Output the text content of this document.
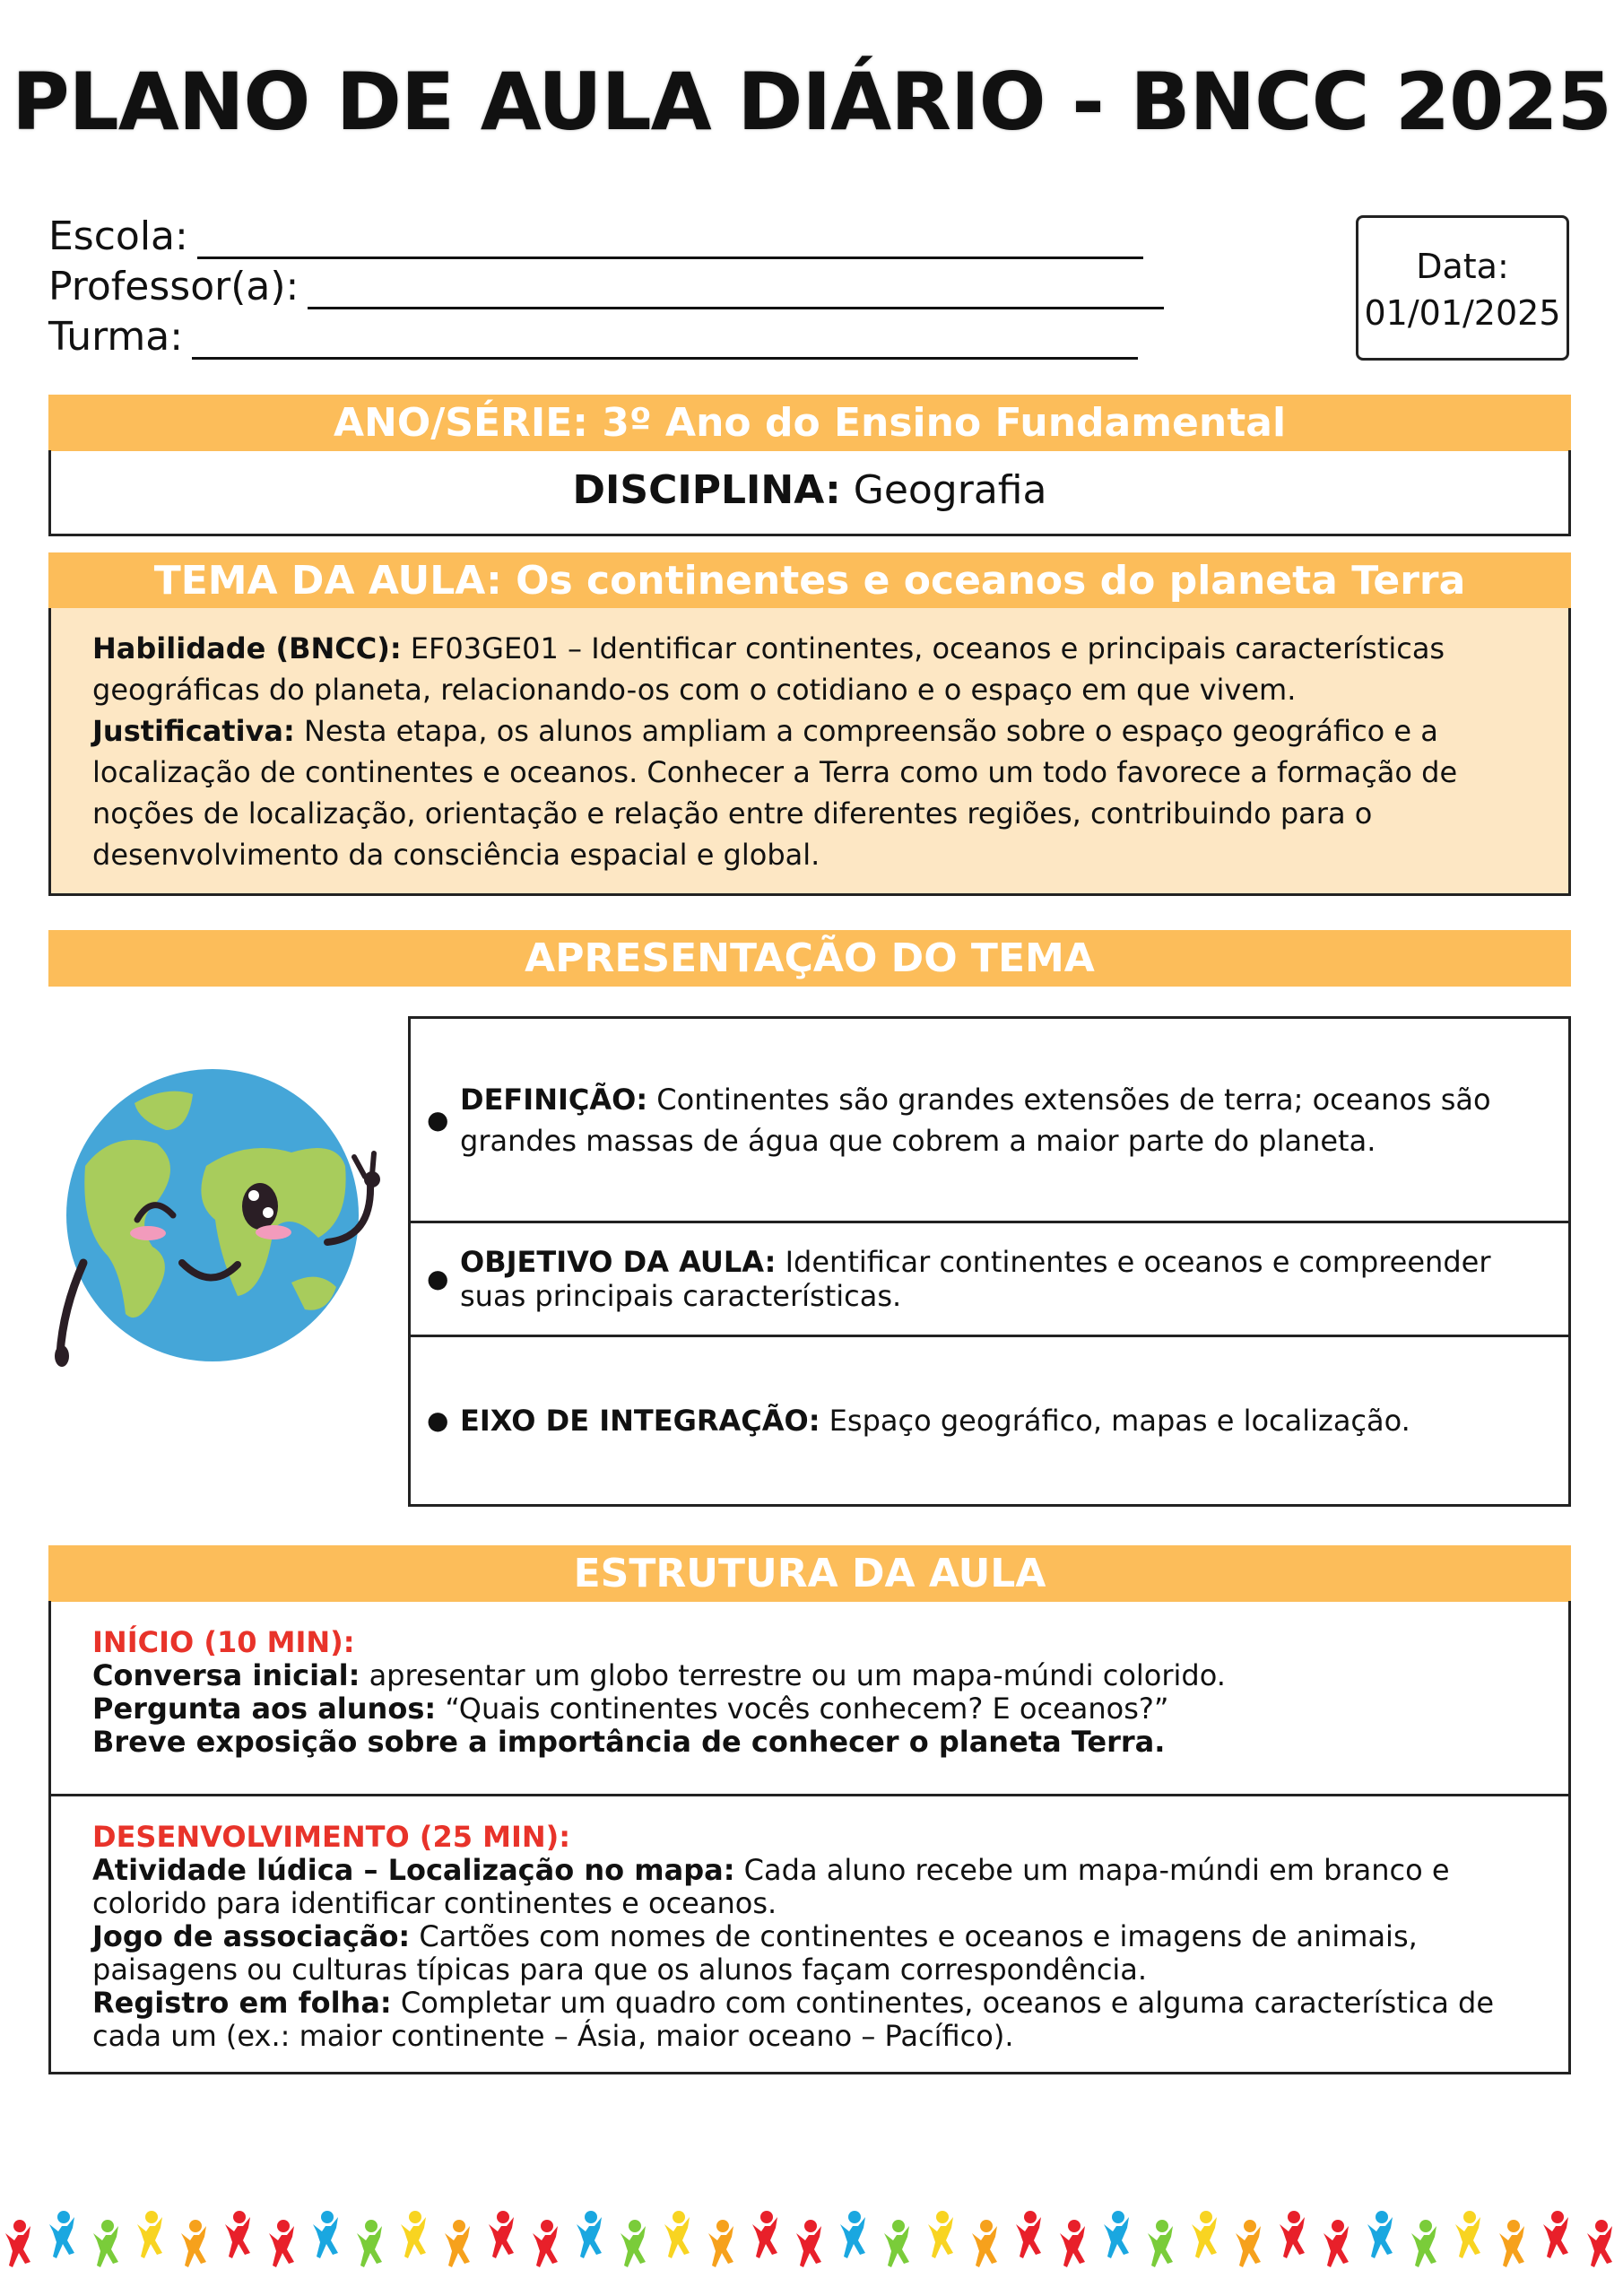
PLANO DE AULA DIÁRIO - BNCC 2025
Escola:
Professor(a):
Turma:
Data:
01/01/2025
ANO/SÉRIE: 3º Ano do Ensino Fundamental
DISCIPLINA: Geografia
TEMA DA AULA: Os continentes e oceanos do planeta Terra
Habilidade (BNCC): EF03GE01 – Identificar continentes, oceanos e principais características geográficas do planeta, relacionando-os com o cotidiano e o espaço em que vivem.
Justificativa: Nesta etapa, os alunos ampliam a compreensão sobre o espaço geográfico e a localização de continentes e oceanos. Conhecer a Terra como um todo favorece a formação de noções de localização, orientação e relação entre diferentes regiões, contribuindo para o desenvolvimento da consciência espacial e global.
APRESENTAÇÃO DO TEMA
●
DEFINIÇÃO: Continentes são grandes extensões de terra; oceanos são grandes massas de água que cobrem a maior parte do planeta.
● OBJETIVO DA AULA: Identificar continentes e oceanos e compreender suas principais características.
● EIXO DE INTEGRAÇÃO: Espaço geográfico, mapas e localização.
ESTRUTURA DA AULA
INÍCIO (10 MIN):
Conversa inicial: apresentar um globo terrestre ou um mapa-múndi colorido.
Pergunta aos alunos: “Quais continentes vocês conhecem? E oceanos?”
Breve exposição sobre a importância de conhecer o planeta Terra.
DESENVOLVIMENTO (25 MIN):
Atividade lúdica – Localização no mapa: Cada aluno recebe um mapa-múndi em branco e colorido para identificar continentes e oceanos.
Jogo de associação: Cartões com nomes de continentes e oceanos e imagens de animais, paisagens ou culturas típicas para que os alunos façam correspondência.
Registro em folha: Completar um quadro com continentes, oceanos e alguma característica de cada um (ex.: maior continente – Ásia, maior oceano – Pacífico).
